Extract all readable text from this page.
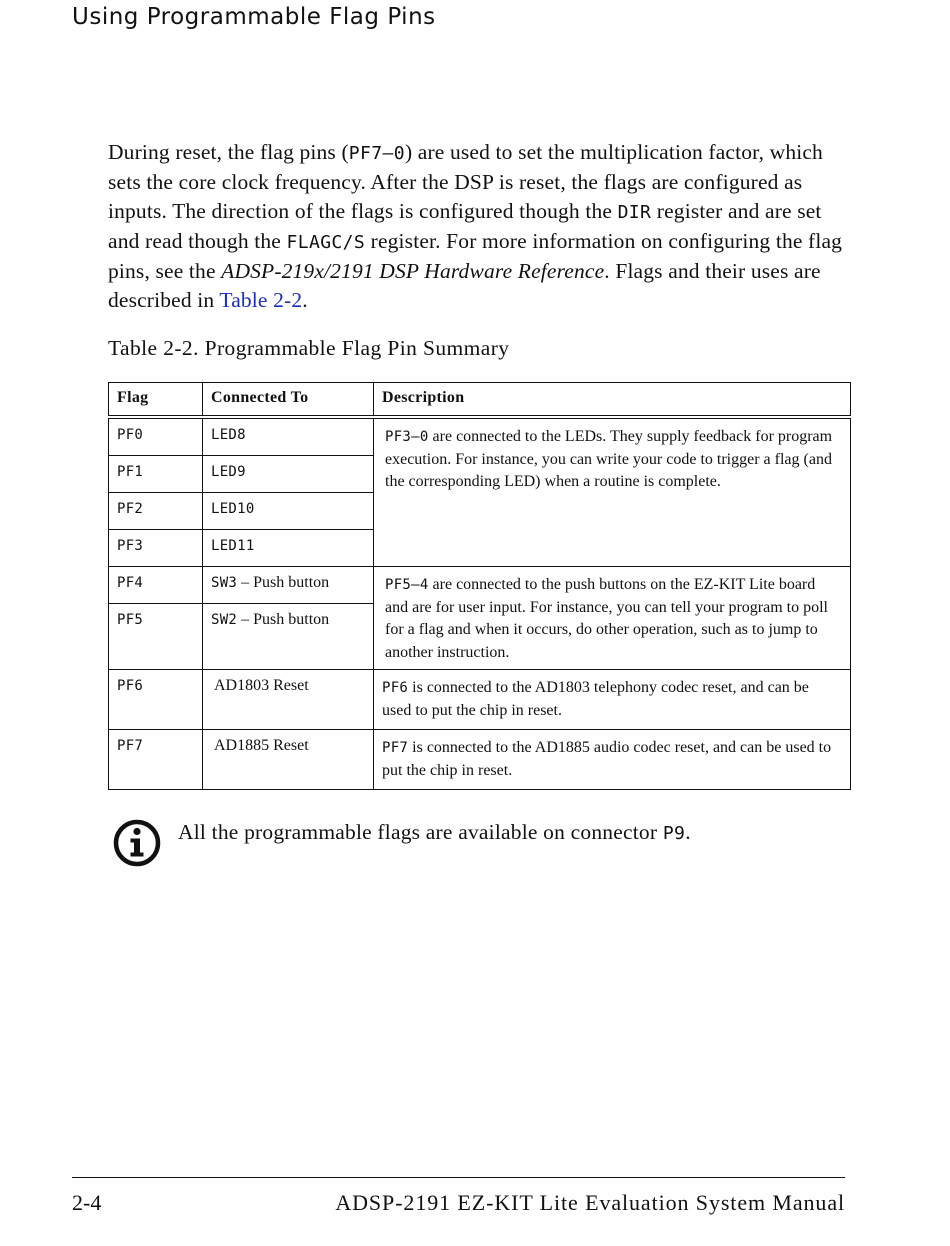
Using Programmable Flag Pins

During reset, the flag pins (PF7–0) are used to set the multiplication factor, which sets the core clock frequency. After the DSP is reset, the flags are configured as inputs. The direction of the flags is configured though the DIR register and are set and read though the FLAGC/S register. For more information on configuring the flag pins, see the ADSP-219x/2191 DSP Hardware Reference. Flags and their uses are described in Table 2-2.

Table 2-2. Programmable Flag Pin Summary
Flag	Connected To	Description
PF0	LED8	PF3–0 are connected to the LEDs. They supply feedback for program execution. For instance, you can write your code to trigger a flag (and the corresponding LED) when a routine is complete.
PF1	LED9	
PF2	LED10	
PF3	LED11	
PF4	SW3 – Push button	PF5–4 are connected to the push buttons on the EZ-KIT Lite board and are for user input. For instance, you can tell your program to poll for a flag and when it occurs, do other operation, such as to jump to another instruction.
PF5	SW2 – Push button	
PF6	AD1803 Reset	PF6 is connected to the AD1803 telephony codec reset, and can be used to put the chip in reset.
PF7	AD1885 Reset	PF7 is connected to the AD1885 audio codec reset, and can be used to put the chip in reset.
All the programmable flags are available on connector P9.
2-4	ADSP-2191 EZ-KIT Lite Evaluation System Manual
